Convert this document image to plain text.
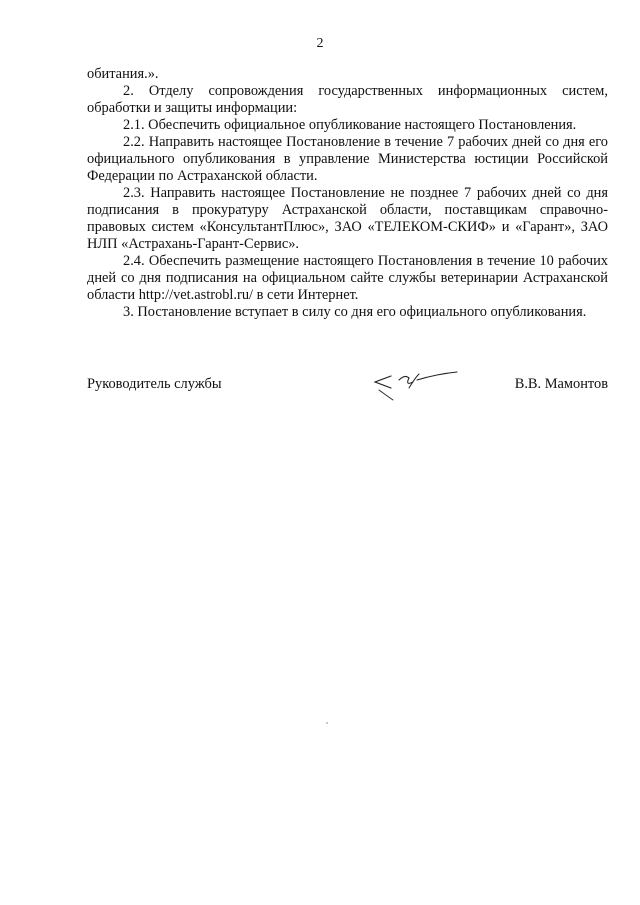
2

обитания.».

2. Отделу сопровождения государственных информационных систем, обработки и защиты информации:

2.1. Обеспечить официальное опубликование настоящего Постановления.

2.2. Направить настоящее Постановление в течение 7 рабочих дней со дня его официального опубликования в управление Министерства юстиции Российской Федерации по Астраханской области.

2.3. Направить настоящее Постановление не позднее 7 рабочих дней со дня подписания в прокуратуру Астраханской области, поставщикам справочно-правовых систем «КонсультантПлюс», ЗАО «ТЕЛЕКОМ-СКИФ» и «Гарант», ЗАО НЛП «Астрахань-Гарант-Сервис».

2.4. Обеспечить размещение настоящего Постановления в течение 10 рабочих дней со дня подписания на официальном сайте службы ветеринарии Астраханской области http://vet.astrobl.ru/ в сети Интернет.

3. Постановление вступает в силу со дня его официального опубликования.

Руководитель службы	В.В. Мамонтов
